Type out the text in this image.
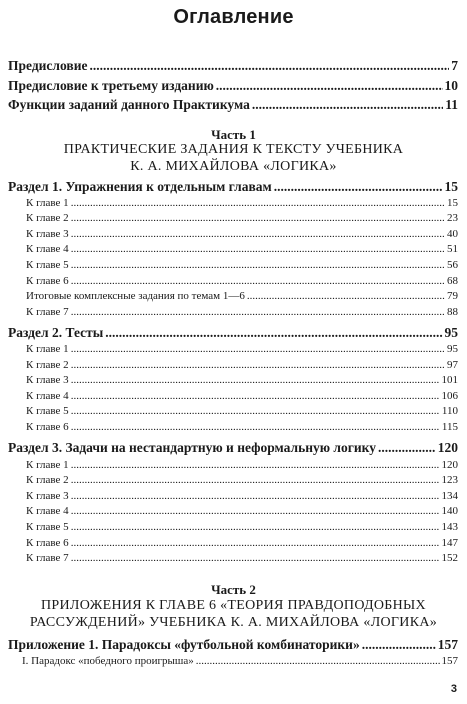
Оглавление
Предисловие .....	7
Предисловие к третьему изданию .....	10
Функции заданий данного Практикума .....	11
Часть 1
ПРАКТИЧЕСКИЕ ЗАДАНИЯ К ТЕКСТУ УЧЕБНИКА
К. А. МИХАЙЛОВА «ЛОГИКА»
Раздел 1. Упражнения к отдельным главам .....	15
К главе 1 .....	15
К главе 2 .....	23
К главе 3 .....	40
К главе 4 .....	51
К главе 5 .....	56
К главе 6 .....	68
Итоговые комплексные задания по темам 1—6 .....	79
К главе 7 .....	88
Раздел 2. Тесты .....	95
К главе 1 .....	95
К главе 2 .....	97
К главе 3 .....	101
К главе 4 .....	106
К главе 5 .....	110
К главе 6 .....	115
Раздел 3. Задачи на нестандартную и неформальную логику .....	120
К главе 1 .....	120
К главе 2 .....	123
К главе 3 .....	134
К главе 4 .....	140
К главе 5 .....	143
К главе 6 .....	147
К главе 7 .....	152
Часть 2
ПРИЛОЖЕНИЯ К ГЛАВЕ 6 «ТЕОРИЯ ПРАВДОПОДОБНЫХ
РАССУЖДЕНИЙ» УЧЕБНИКА К. А. МИХАЙЛОВА «ЛОГИКА»
Приложение 1. Парадоксы «футбольной комбинаторики» .....	157
I. Парадокс «победного проигрыша» .....	157
3
